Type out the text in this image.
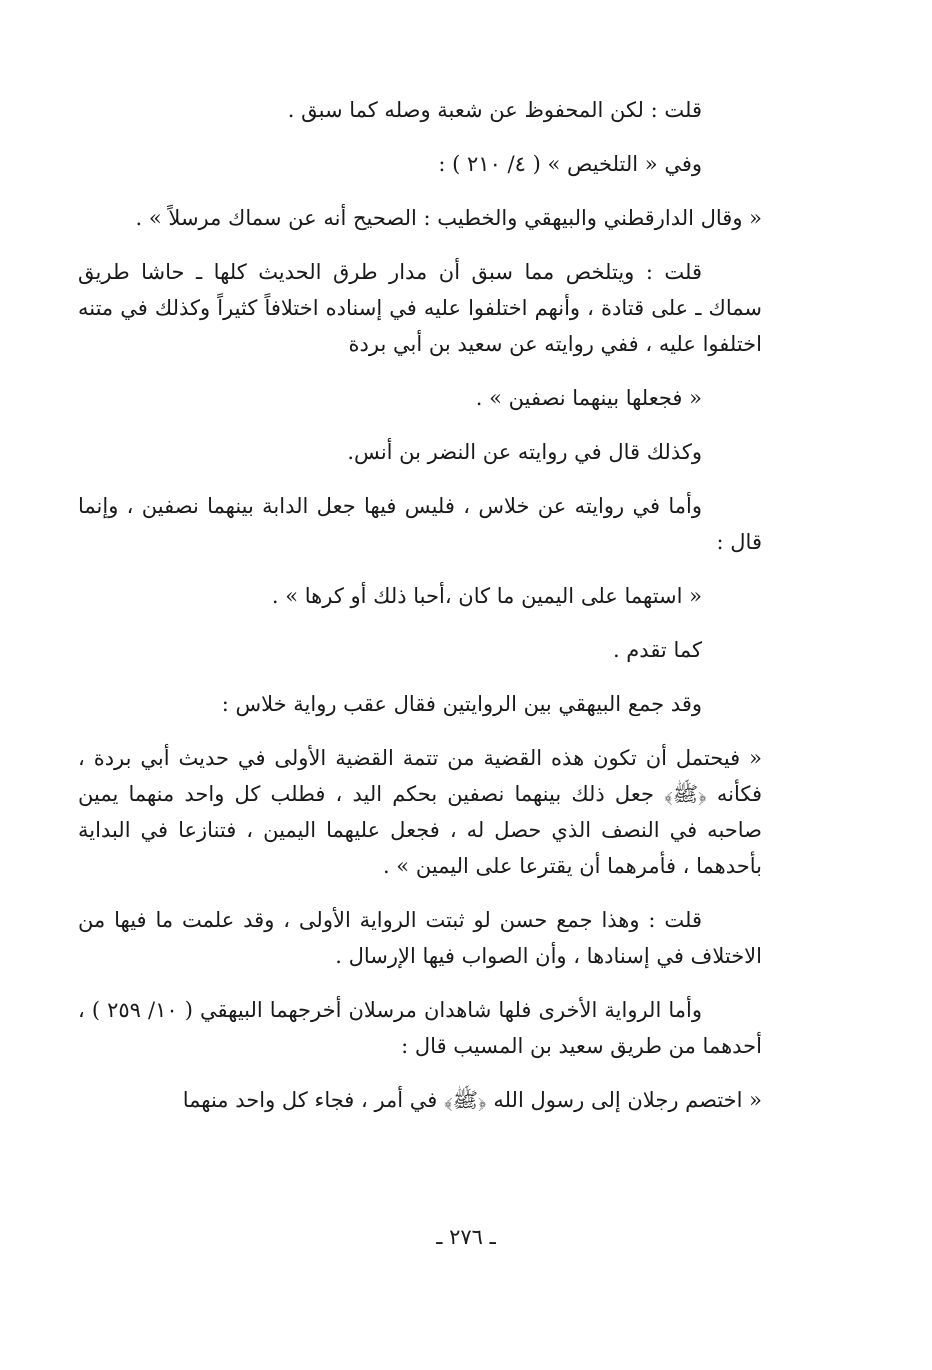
قلت : لكن المحفوظ عن شعبة وصله كما سبق .

وفي « التلخيص » ( ٤/ ٢١٠ ) :

« وقال الدارقطني والبيهقي والخطيب : الصحيح أنه عن سماك مرسلاً » .

قلت : ويتلخص مما سبق أن مدار طرق الحديث كلها ـ حاشا طريق سماك ـ على قتادة ، وأنهم اختلفوا عليه في إسناده اختلافاً كثيراً وكذلك في متنه اختلفوا عليه ، ففي روايته عن سعيد بن أبي بردة

« فجعلها بينهما نصفين » .

وكذلك قال في روايته عن النضر بن أنس.

وأما في روايته عن خلاس ، فليس فيها جعل الدابة بينهما نصفين ، وإنما قال :

« استهما على اليمين ما كان ،أحبا ذلك أو كرها » .

كما تقدم .

وقد جمع البيهقي بين الروايتين فقال عقب رواية خلاس :

« فيحتمل أن تكون هذه القضية من تتمة القضية الأولى في حديث أبي بردة ، فكأنه ﴿ﷺ﴾ جعل ذلك بينهما نصفين بحكم اليد ، فطلب كل واحد منهما يمين صاحبه في النصف الذي حصل له ، فجعل عليهما اليمين ، فتنازعا في البداية بأحدهما ، فأمرهما أن يقترعا على اليمين » .

قلت : وهذا جمع حسن لو ثبتت الرواية الأولى ، وقد علمت ما فيها من الاختلاف في إسنادها ، وأن الصواب فيها الإرسال .

وأما الرواية الأخرى فلها شاهدان مرسلان أخرجهما البيهقي ( ١٠/ ٢٥٩ ) ، أحدهما من طريق سعيد بن المسيب قال :

« اختصم رجلان إلى رسول الله ﴿ﷺ﴾ في أمر ، فجاء كل واحد منهما

ـ ٢٧٦ ـ
